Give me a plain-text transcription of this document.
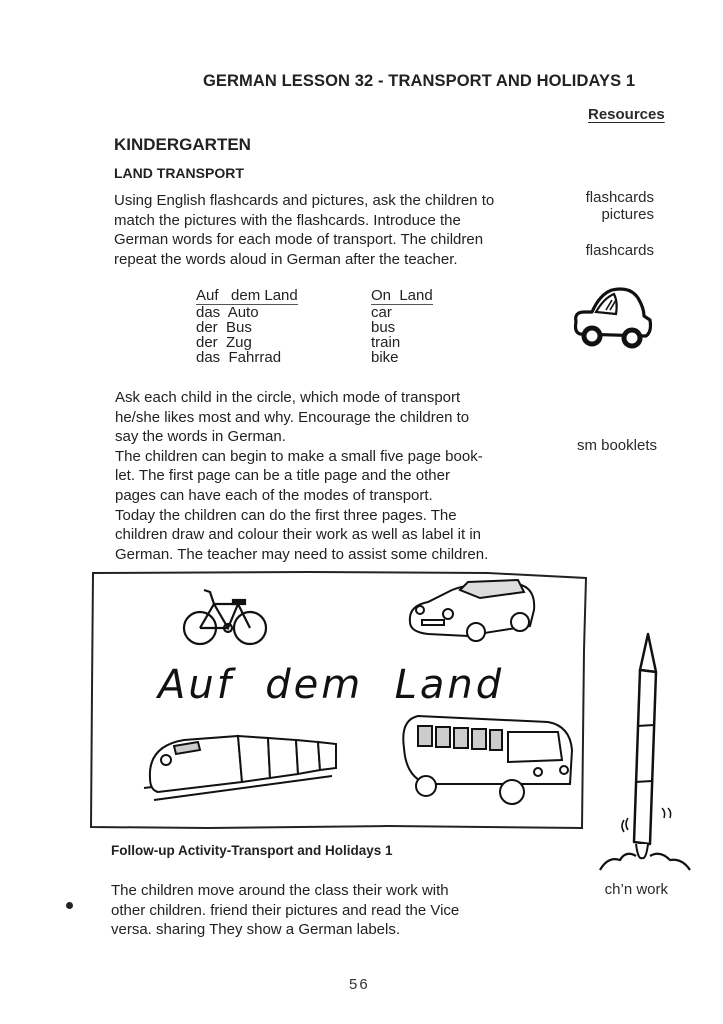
GERMAN LESSON 32 - TRANSPORT AND HOLIDAYS 1
Resources
KINDERGARTEN
LAND TRANSPORT
Using English flashcards and pictures, ask the children to
match the pictures with the flashcards. Introduce the
German words for each mode of transport. The children
repeat the words aloud in German after the teacher.
Auf   dem Land
das  Auto
der  Bus
der  Zug
das  Fahrrad
On  Land
car
bus
train
bike
Ask each child in the circle, which mode of transport
he/she likes most and why. Encourage the children to
say the words in German.
The children can begin to make a small five page book-
let. The first page can be a title page and the other
pages can have each of the modes of transport.
Today the children can do the first three pages. The
children draw and colour their work as well as label it in
German. The teacher may need to assist some children.
flashcards
pictures
flashcards
sm booklets
ch’n work
Auf  dem  Land
Follow-up Activity-Transport and Holidays 1
The children move around the class their work with
other children. friend their pictures and read the Vice
versa. sharing They show a German labels.
56
